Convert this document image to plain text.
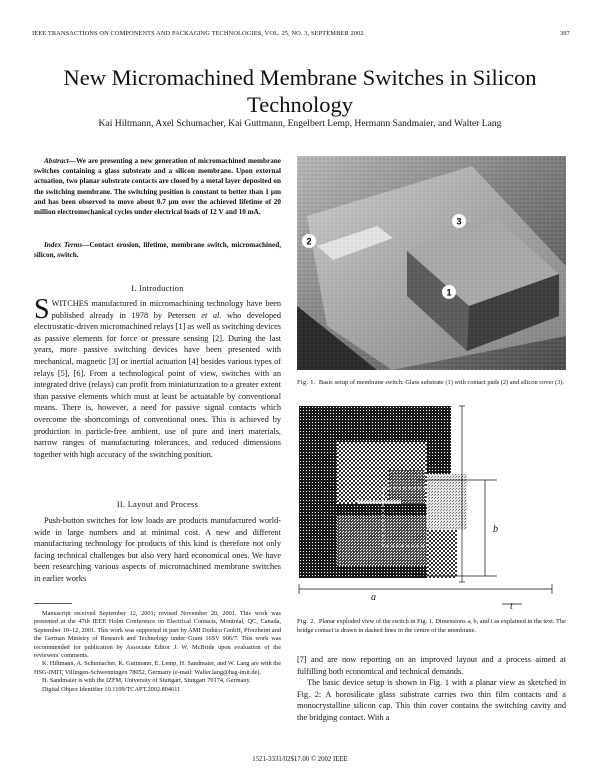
IEEE TRANSACTIONS ON COMPONENTS AND PACKAGING TECHNOLOGIES, VOL. 25, NO. 3, SEPTEMBER 2002	397
New Micromachined Membrane Switches in Silicon Technology
Kai Hiltmann, Axel Schumacher, Kai Guttmann, Engelbert Lemp, Hermann Sandmaier, and Walter Lang
Abstract—We are presenting a new generation of micromachined membrane switches containing a glass substrate and a silicon membrane. Upon external actuation, two planar substrate contacts are closed by a metal layer deposited on the switching membrane. The switching position is constant to better than 1 μm and has been observed to move about 0.7 μm over the achieved lifetime of 20 million electromechanical cycles under electrical loads of 12 V and 10 mA.
Index Terms—Contact erosion, lifetime, membrane switch, micromachined, silicon, switch.
I. Introduction

SWITCHES manufactured in micromachining technology have been published already in 1978 by Petersen et al. who developed electrostatic-driven micromachined relays [1] as well as switching devices as passive elements for force or pressure sensing [2]. During the last years, more passive switching devices have been presented with mechanical, magnetic [3] or inertial actuation [4] besides various types of relays [5], [6]. From a technological point of view, switches with an integrated drive (relays) can profit from miniaturization to a greater extent than passive elements which must at least be actuatable by conventional means. There is, however, a need for passive signal contacts which overcome the shortcomings of conventional ones. This is achieved by production in particle-free ambient, use of pure and inert materials, narrow ranges of manufacturing tolerances, and reduced dimensions together with high accuracy of the switching position.

II. Layout and Process

Push-button switches for low loads are products manufactured world-wide in large numbers and at minimal cost. A new and different manufacturing technology for products of this kind is therefore not only facing technical challenges but also very hard economical ones. We have been researching various aspects of micromachined membrane switches in earlier works

Manuscript received September 12, 2001; revised November 20, 2001. This work was presented at the 47th IEEE Holm Conference on Electrical Contacts, Montréal, QC, Canada, September 10–12, 2001. This work was supported in part by AMI Doduco GmbH, Pforzheim and the German Ministry of Research and Technology under Grant 16SV 906/7. This work was recommended for publication by Associate Editor J. W. McBride upon evaluation of the reviewers' comments.

K. Hiltmann, A. Schumacher, K. Guttmann, E. Lemp, H. Sandmaier, and W. Lang are with the HSG-IMIT, Villingen-Schwenningen 78052, Germany (e-mail: Walter.lang@hsg-imit.de).

H. Sandmaier is with the IZFM, University of Stuttgart, Stuttgart 70174, Germany.

Digital Object Identifier 10.1109/TCAPT.2002.804611

3
2
1
Fig. 1. Basic setup of membrane switch: Glass substrate (1) with contact pads (2) and silicon cover (3).
b
a
t
Fig. 2. Planar exploded view of the switch in Fig. 1. Dimensions a, b, and t as explained in the text. The bridge contact is drawn in dashed lines in the centre of the membrane.

[7] and are now reporting on an improved layout and a process aimed at fulfilling both economical and technical demands.

The basic device setup is shown in Fig. 1 with a planar view as sketched in Fig. 2: A borosilicate glass substrate carries two thin film contacts and a monocrystalline silicon cap. This thin cover contains the switching cavity and the bridging contact. With a

1521-3331/02$17.00 © 2002 IEEE
